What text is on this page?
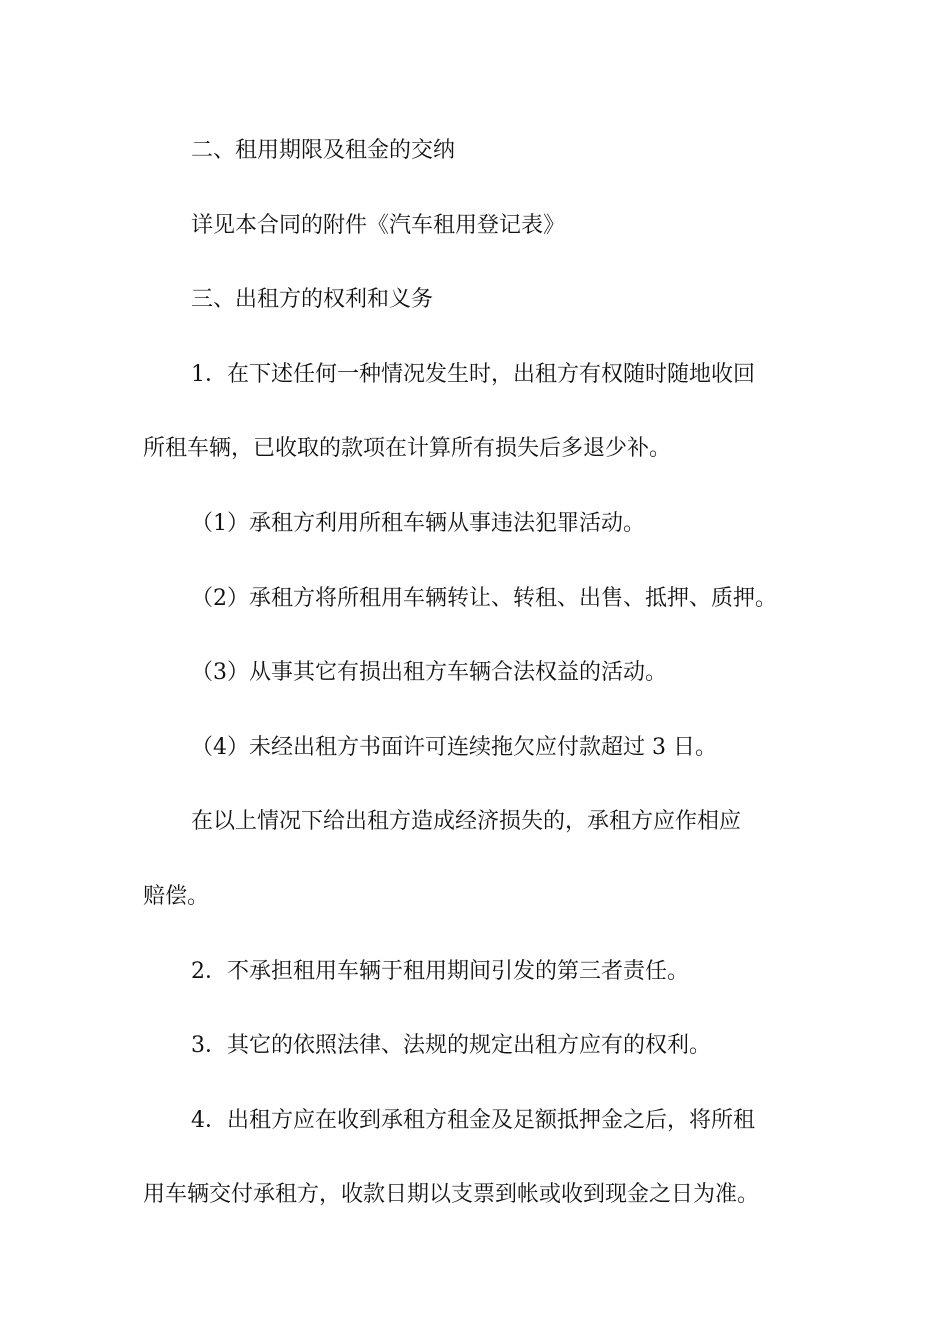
二、租用期限及租金的交纳
详见本合同的附件《汽车租用登记表》
三、出租方的权利和义务
1．在下述任何一种情况发生时，出租方有权随时随地收回
所租车辆，已收取的款项在计算所有损失后多退少补。
（1）承租方利用所租车辆从事违法犯罪活动。
（2）承租方将所租用车辆转让、转租、出售、抵押、质押。
（3）从事其它有损出租方车辆合法权益的活动。
（4）未经出租方书面许可连续拖欠应付款超过 3 日。
在以上情况下给出租方造成经济损失的，承租方应作相应
赔偿。
2．不承担租用车辆于租用期间引发的第三者责任。
3．其它的依照法律、法规的规定出租方应有的权利。
4．出租方应在收到承租方租金及足额抵押金之后，将所租
用车辆交付承租方，收款日期以支票到帐或收到现金之日为准。
